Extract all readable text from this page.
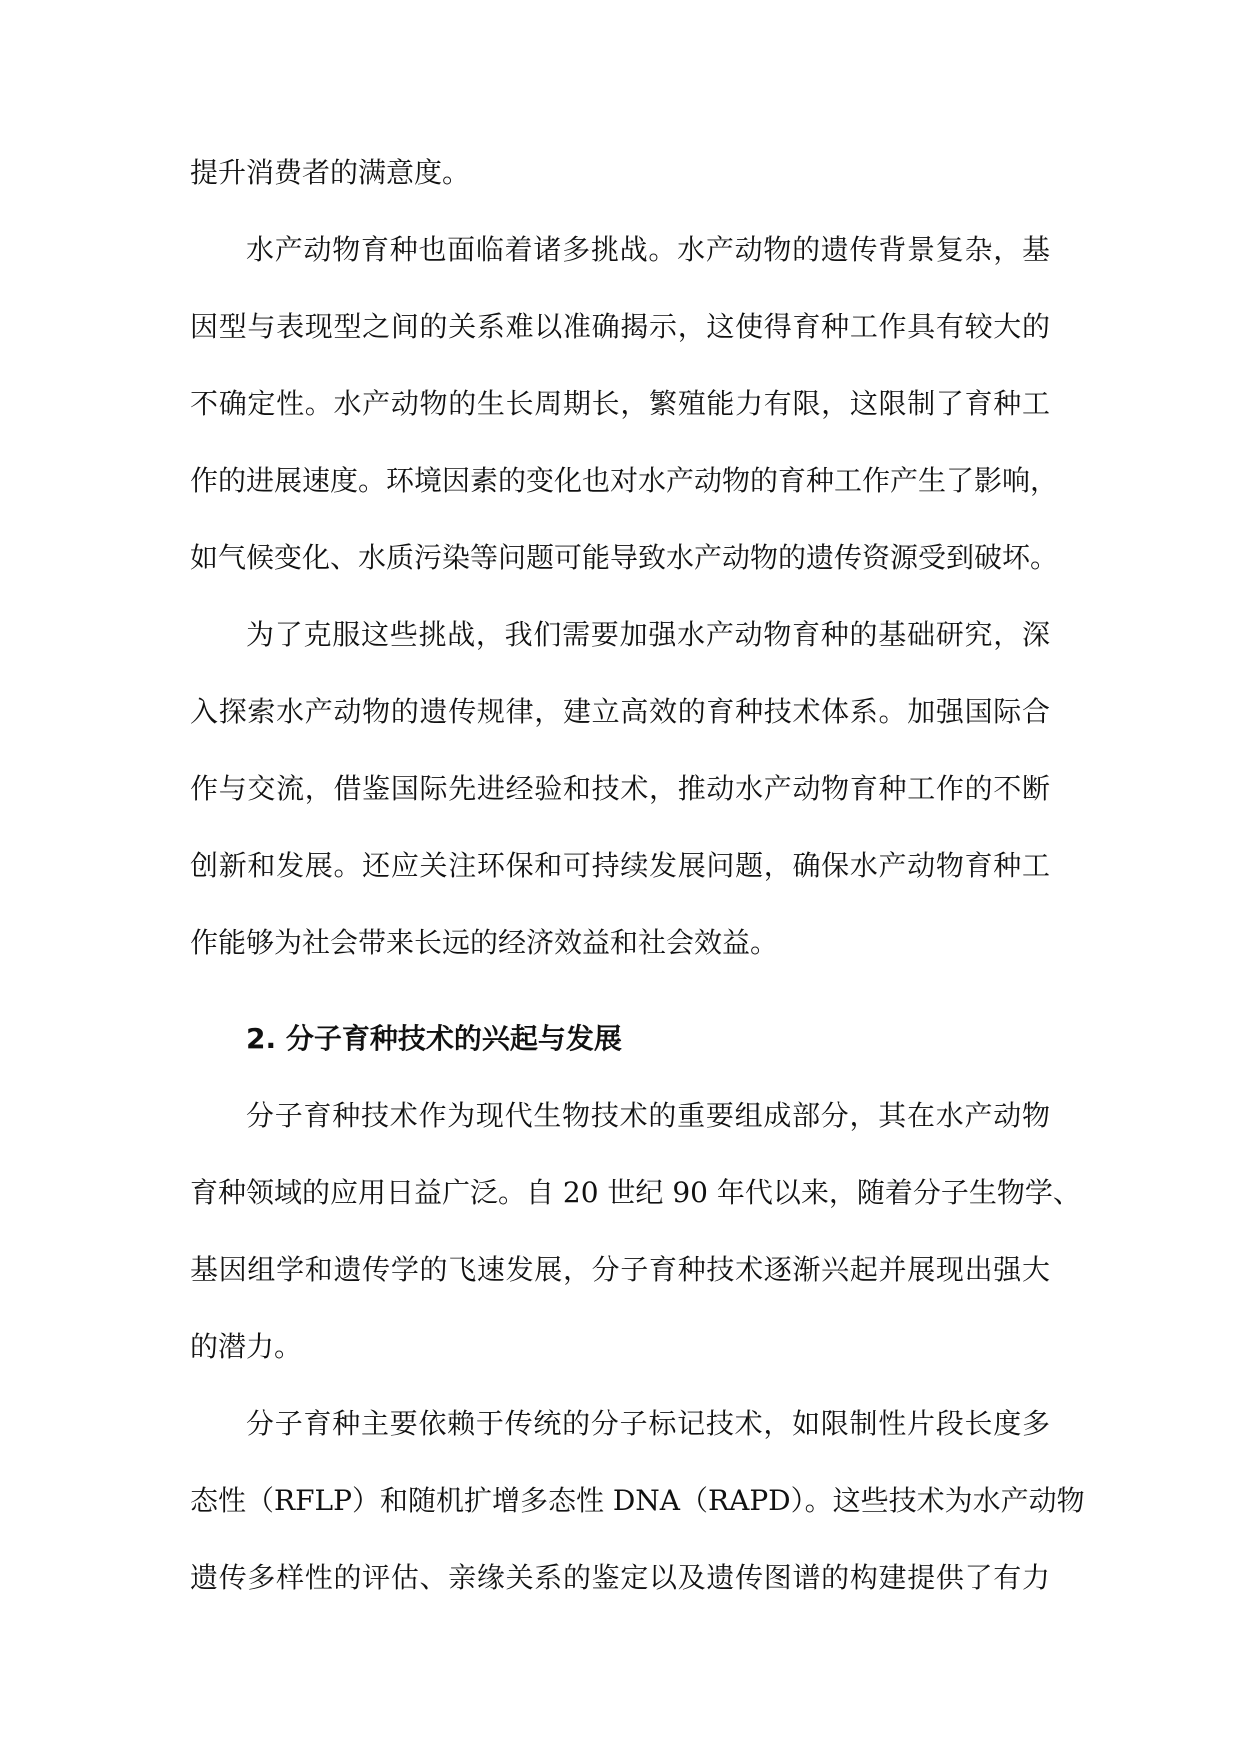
提升消费者的满意度。
水产动物育种也面临着诸多挑战。水产动物的遗传背景复杂，基
因型与表现型之间的关系难以准确揭示，这使得育种工作具有较大的
不确定性。水产动物的生长周期长，繁殖能力有限，这限制了育种工
作的进展速度。环境因素的变化也对水产动物的育种工作产生了影响，
如气候变化、水质污染等问题可能导致水产动物的遗传资源受到破坏。
为了克服这些挑战，我们需要加强水产动物育种的基础研究，深
入探索水产动物的遗传规律，建立高效的育种技术体系。加强国际合
作与交流，借鉴国际先进经验和技术，推动水产动物育种工作的不断
创新和发展。还应关注环保和可持续发展问题，确保水产动物育种工
作能够为社会带来长远的经济效益和社会效益。
2. 分子育种技术的兴起与发展
分子育种技术作为现代生物技术的重要组成部分，其在水产动物
育种领域的应用日益广泛。自 20 世纪 90 年代以来，随着分子生物学、
基因组学和遗传学的飞速发展，分子育种技术逐渐兴起并展现出强大
的潜力。
分子育种主要依赖于传统的分子标记技术，如限制性片段长度多
态性（RFLP）和随机扩增多态性 DNA（RAPD）。这些技术为水产动物
遗传多样性的评估、亲缘关系的鉴定以及遗传图谱的构建提供了有力
